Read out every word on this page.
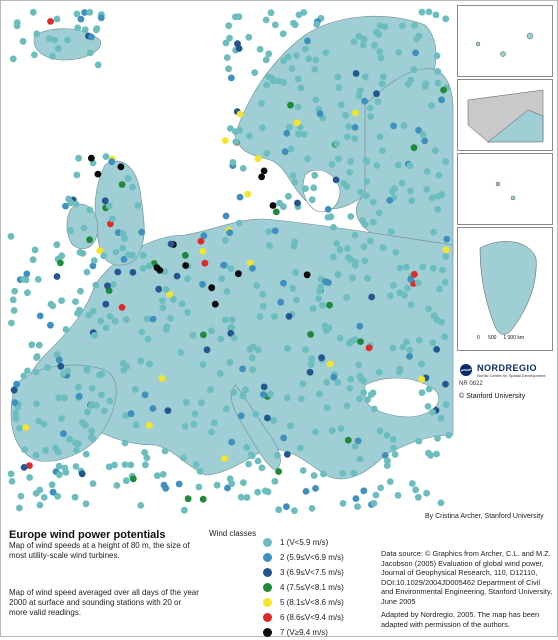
0 500 1 000 km
NORDREGIO
Nordic Centre for Spatial Development
NR 0822
© Stanford University
By Cristina Archer, Stanford University
Europe wind power potentials
Map of wind speeds at a height of 80 m, the size of most utility-scale wind turbines.
Map of wind speed averaged over all days of the year 2000 at surface and sounding stations with 20 or more valid readings.
Wind classes
1 (V<5.9 m/s)
2 (5.9≤V<6.9 m/s)
3 (6.9≤V<7.5 m/s)
4 (7.5≤V<8.1 m/s)
5 (8.1≤V<8.6 m/s)
6 (8.6≤V<9.4 m/s)
7 (V≥9.4 m/s)
Data source: © Graphics from Archer, C.L. and M.Z. Jacobson (2005) Evaluation of global wind power, Journal of Geophysical Research, 110, D12110, DOI:10.1029/2004JD005462 Department of Civil and Environmental Engineering, Stanford University, June 2005
Adapted by Nordregio, 2005. The map has been adapted with permission of the authors.
